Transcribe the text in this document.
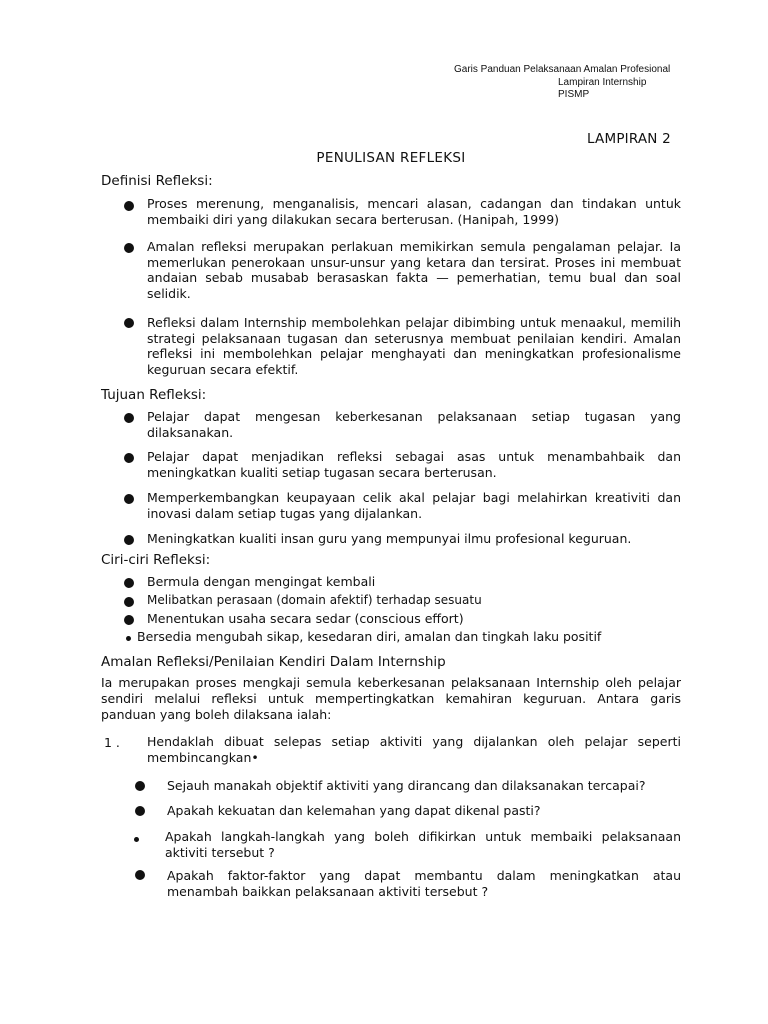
Garis Panduan Pelaksanaan Amalan Profesional
Lampiran Internship
PISMP
LAMPIRAN 2
PENULISAN REFLEKSI
Definisi Refleksi:
Proses merenung, menganalisis, mencari alasan, cadangan dan tindakan untuk membaiki diri yang dilakukan secara berterusan. (Hanipah, 1999)
Amalan refleksi merupakan perlakuan memikirkan semula pengalaman pelajar. Ia memerlukan penerokaan unsur-unsur yang ketara dan tersirat. Proses ini membuat andaian sebab musabab berasaskan fakta — pemerhatian, temu bual dan soal selidik.
Refleksi dalam Internship membolehkan pelajar dibimbing untuk menaakul, memilih strategi pelaksanaan tugasan dan seterusnya membuat penilaian kendiri. Amalan refleksi ini membolehkan pelajar menghayati dan meningkatkan profesionalisme keguruan secara efektif.
Tujuan Refleksi:
Pelajar dapat mengesan keberkesanan pelaksanaan setiap tugasan yang dilaksanakan.
Pelajar dapat menjadikan refleksi sebagai asas untuk menambahbaik dan meningkatkan kualiti setiap tugasan secara berterusan.
Memperkembangkan keupayaan celik akal pelajar bagi melahirkan kreativiti dan inovasi dalam setiap tugas yang dijalankan.
Meningkatkan kualiti insan guru yang mempunyai ilmu profesional keguruan.
Ciri-ciri Refleksi:
Bermula dengan mengingat kembali
Melibatkan perasaan (domain afektif) terhadap sesuatu
Menentukan usaha secara sedar (conscious effort)
Bersedia mengubah sikap, kesedaran diri, amalan dan tingkah laku positif
Amalan Refleksi/Penilaian Kendiri Dalam Internship
Ia merupakan proses mengkaji semula keberkesanan pelaksanaan Internship oleh pelajar sendiri melalui refleksi untuk mempertingkatkan kemahiran keguruan. Antara garis panduan yang boleh dilaksana ialah:
1 . Hendaklah dibuat selepas setiap aktiviti yang dijalankan oleh pelajar seperti membincangkan•
Sejauh manakah objektif aktiviti yang dirancang dan dilaksanakan tercapai?
Apakah kekuatan dan kelemahan yang dapat dikenal pasti?
Apakah langkah-langkah yang boleh difikirkan untuk membaiki pelaksanaan aktiviti tersebut ?
Apakah faktor-faktor yang dapat membantu dalam meningkatkan atau menambah baikkan pelaksanaan aktiviti tersebut ?
